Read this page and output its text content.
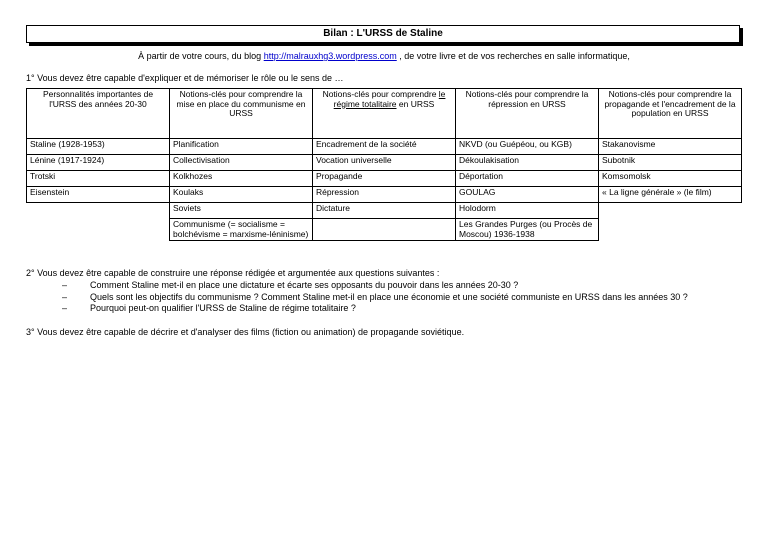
Bilan : L'URSS de Staline
À partir de votre cours, du blog http://malrauxhg3.wordpress.com , de votre livre et de vos recherches en salle informatique,
1° Vous devez être capable d'expliquer et de mémoriser le rôle ou le sens de …
Personnalités importantes de l'URSS des années 20-30	Notions-clés pour comprendre la mise en place du communisme en URSS	Notions-clés pour comprendre le régime totalitaire en URSS	Notions-clés pour comprendre la répression en URSS	Notions-clés pour comprendre la propagande et l'encadrement de la population en URSS
Staline (1928-1953)	Planification	Encadrement de la société	NKVD (ou Guépéou, ou KGB)	Stakanovisme
Lénine (1917-1924)	Collectivisation	Vocation universelle	Dékoulakisation	Subotnik
Trotski	Kolkhozes	Propagande	Déportation	Komsomolsk
Eisenstein	Koulaks	Répression	GOULAG	« La ligne générale » (le film)
	Soviets	Dictature	Holodorm	
	Communisme (= socialisme = bolchévisme = marxisme-léninisme)		Les Grandes Purges (ou Procès de Moscou) 1936-1938	
2° Vous devez être capable de construire une réponse rédigée et argumentée aux questions suivantes :
–	Comment Staline met-il en place une dictature et écarte ses opposants du pouvoir dans les années 20-30 ?
–	Quels sont les objectifs du communisme ? Comment Staline met-il en place une économie et une société communiste en URSS dans les années 30 ?
–	Pourquoi peut-on qualifier l'URSS de Staline de régime totalitaire ?
3° Vous devez être capable de décrire et d'analyser des films (fiction ou animation) de propagande soviétique.
